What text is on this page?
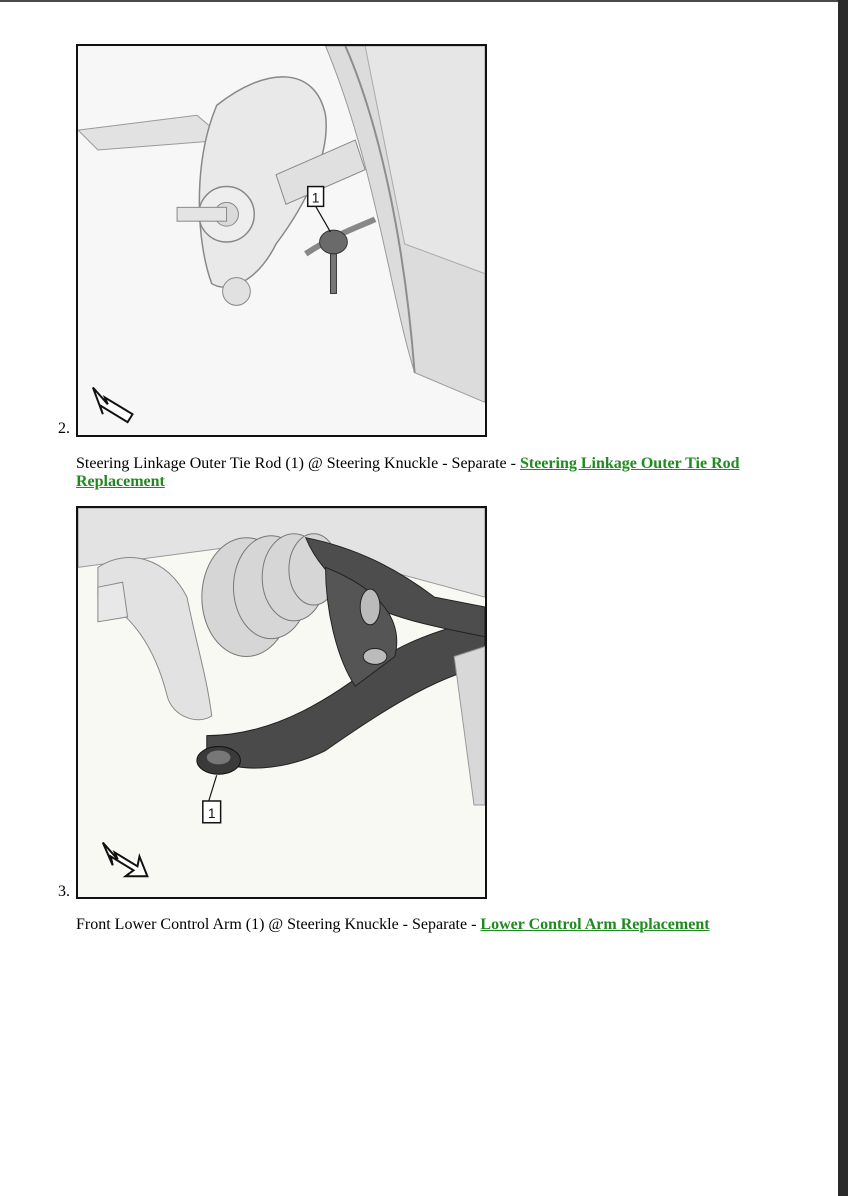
2.
1
Steering Linkage Outer Tie Rod (1) @ Steering Knuckle - Separate - Steering Linkage Outer Tie Rod Replacement
3.
1
Front Lower Control Arm (1) @ Steering Knuckle - Separate - Lower Control Arm Replacement
